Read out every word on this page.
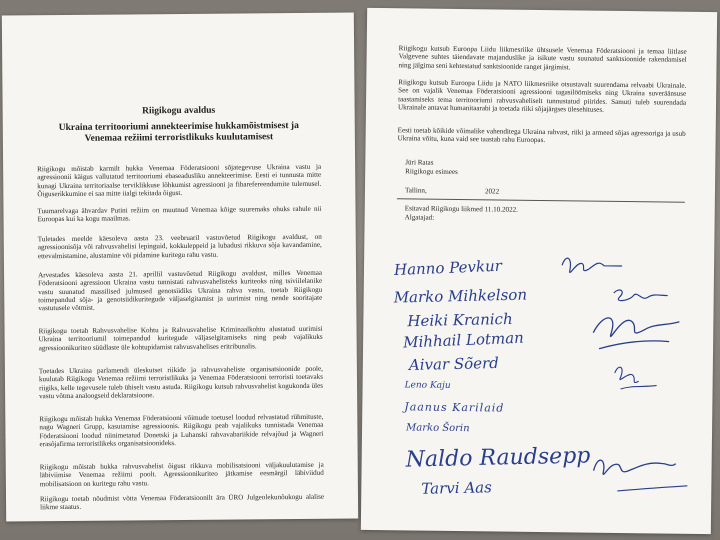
Riigikogu avaldus

Ukraina territooriumi annekteerimise hukkamõistmisest ja Venemaa režiimi terroristlikuks kuulutamisest

Riigikogu mõistab karmilt hukka Venemaa Föderatsiooni sõjategevuse Ukraina vastu ja agressioonii käigus vallutatud territooriumi ebaseadusliku annekteerimise. Eesti ei tunnusta mitte kunagi Ukraina territoriaalse terviklikkuse lõhkumist agressiooni ja fibarefereendumite tulemusel. Õiguserikkumine ei saa mitte iialgi tekitada õigust.

Tuumarelvaga ähvardav Putini režiim on muutnud Venemaa kõige suuremaks ohuks rahule nii Euroopas kui ka kogu maailmas.

Tuletades meelde käesoleva aasta 23. veebruaril vastuvõetud Riigikogu avaldust, on agressioonisõja või rahvusvahelisi lepinguid, kokkuleppeid ja lubadusi rikkuva sõja kavandamine, ettevalmistamine, alustamine või pidamine kuritegu rahu vastu.

Arvestades käesoleva aasta 21. aprillil vastuvõetud Riigikogu avaldust, milles Venemaa Föderatsiooni agressioon Ukraina vastu tunnistati rahvusvahelisteks kuriteoks ning tsiviilelanike vastu suunatud massilised julmused genotsiidiks Ukraina rahva vastu, toetab Riigikogu toimepandud sõja- ja genotsiidikuritegude väljaselgitamist ja uurimist ning nende sooritajate vastutusele võtmist.

Riigikogu toetab Rahvusvahelise Kohtu ja Rahvusvahelise Kriminaalkohtu alustatud uurimisi Ukraina territooriumil toimepandud kuritegude väljaselgitamiseks ning peab vajalikuks agressioonikuriteo süüdlaste üle kohtupidamist rahvusvahelises eritribunalis.

Toetades Ukraina parlamendi üleskutset riikide ja rahvusvaheliste organisatsioonide poole, kuulutab Riigikogu Venemaa režiimi terroristlikuks ja Venemaa Föderatsiooni terroristi toetavaks riigiks, kelle tegevusele tuleb ühiselt vastu astuda. Riigikogu kutsub rahvusvahelist kogukonda üles vastu võtma analoogseid deklaratsioone.

Riigikogu mõistab hukka Venemaa Föderatsiooni võimude toetusel loodud relvastatud rühmituste, nagu Wagneri Grupp, kasutamise agressioonis. Riigikogu peab vajalikuks tunnistada Venemaa Föderatsiooni loodud niinimetatud Donetski ja Luhanski rahvavabariikide relvajõud ja Wagneri erasõjafirma terroristlikeks organisatsioonideks.

Riigikogu mõistab hukka rahvusvahelist õigust rikkuva mobilisatsiooni väljakuulutamise ja läbiviimise Venemaa režiimi poolt. Agressioonikuriteo jätkamise eesmärgil läbiviidud mobilisatsioon on kuritegu rahu vastu.

Riigikogu toetab nõudmist võtta Venemaa Föderatsioonilt ära ÜRO Julgeolekunõukogu alalise liikme staatus.

Riigikogu kutsub Euroopa Liidu liikmesriike ühtsusele Venemaa Föderatsiooni ja temaa liitlase Valgevene suhtes täiendavate majanduslike ja isikute vastu suunatud sanktsioonide rakendamisel ning jälgima seni kehtestatud sanktsioonide ranget järgimist.

Riigikogu kutsub Euroopa Liidu ja NATO liikmesriike otsustavalt suurendama relvaabi Ukrainale. See on vajalik Venemaa Föderatsiooni agressiooni tagasilöömiseks ning Ukraina suveräänsuse taastamiseks tema territooriumi rahvusvaheliselt tunnustatud piirides. Samuti tuleb suurendada Ukrainale antavat humanitaarabi ja toetada riiki sõjajärgses ülesehituses.

Eesti toetab kõikide võimalike vahenditega Ukraina rahvast, riiki ja armeed sõjas agressoriga ja usub Ukraina võitu, kuna vaid see taastab rahu Euroopas.

Jüri Ratas

Riigikogu esimees

Tallinn,	2022

Esitavad Riigikogu liikmed 11.10.2022.

Algatajad:

Hanno Pevkur
Marko Mihkelson
Heiki Kranich
Mihhail Lotman
Aivar Sõerd
Leno Kaju
Jaanus Karilaid
Marko Šorin
Naldo Raudsepp
Tarvi Aas
